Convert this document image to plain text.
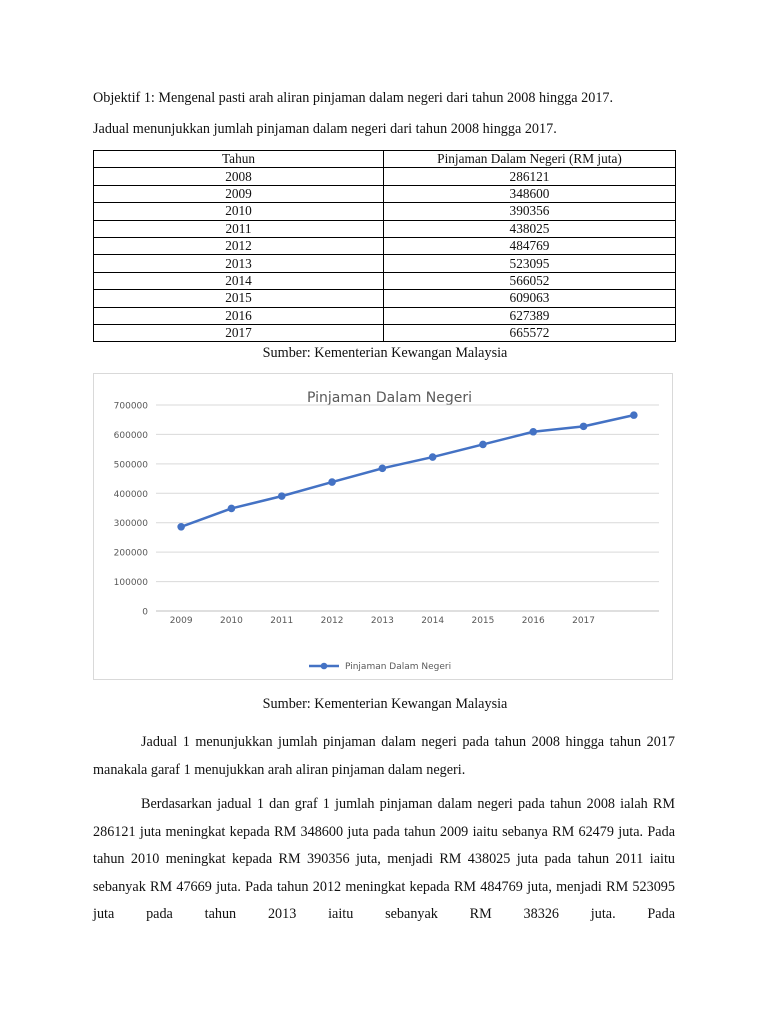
Objektif 1: Mengenal pasti arah aliran pinjaman dalam negeri dari tahun 2008 hingga 2017.
Jadual menunjukkan jumlah pinjaman dalam negeri dari tahun 2008 hingga 2017.
Tahun	Pinjaman Dalam Negeri (RM juta)
2008	286121
2009	348600
2010	390356
2011	438025
2012	484769
2013	523095
2014	566052
2015	609063
2016	627389
2017	665572
Sumber: Kementerian Kewangan Malaysia
Pinjaman Dalam Negeri
0
100000
200000
300000
400000
500000
600000
700000
2009	2010	2011	2012	2013	2014	2015	2016	2017
Pinjaman Dalam Negeri
Sumber: Kementerian Kewangan Malaysia

Jadual 1 menunjukkan jumlah pinjaman dalam negeri pada tahun 2008 hingga tahun 2017 manakala garaf 1 menujukkan arah aliran pinjaman dalam negeri.

Berdasarkan jadual 1 dan graf 1 jumlah pinjaman dalam negeri pada tahun 2008 ialah RM 286121 juta meningkat kepada RM 348600 juta pada tahun 2009 iaitu sebanya RM 62479 juta. Pada tahun 2010 meningkat kepada RM 390356 juta, menjadi RM 438025 juta pada tahun 2011 iaitu sebanyak RM 47669 juta. Pada tahun 2012 meningkat kepada RM 484769 juta, menjadi RM 523095 juta pada tahun 2013 iaitu sebanyak RM 38326 juta. Pada
